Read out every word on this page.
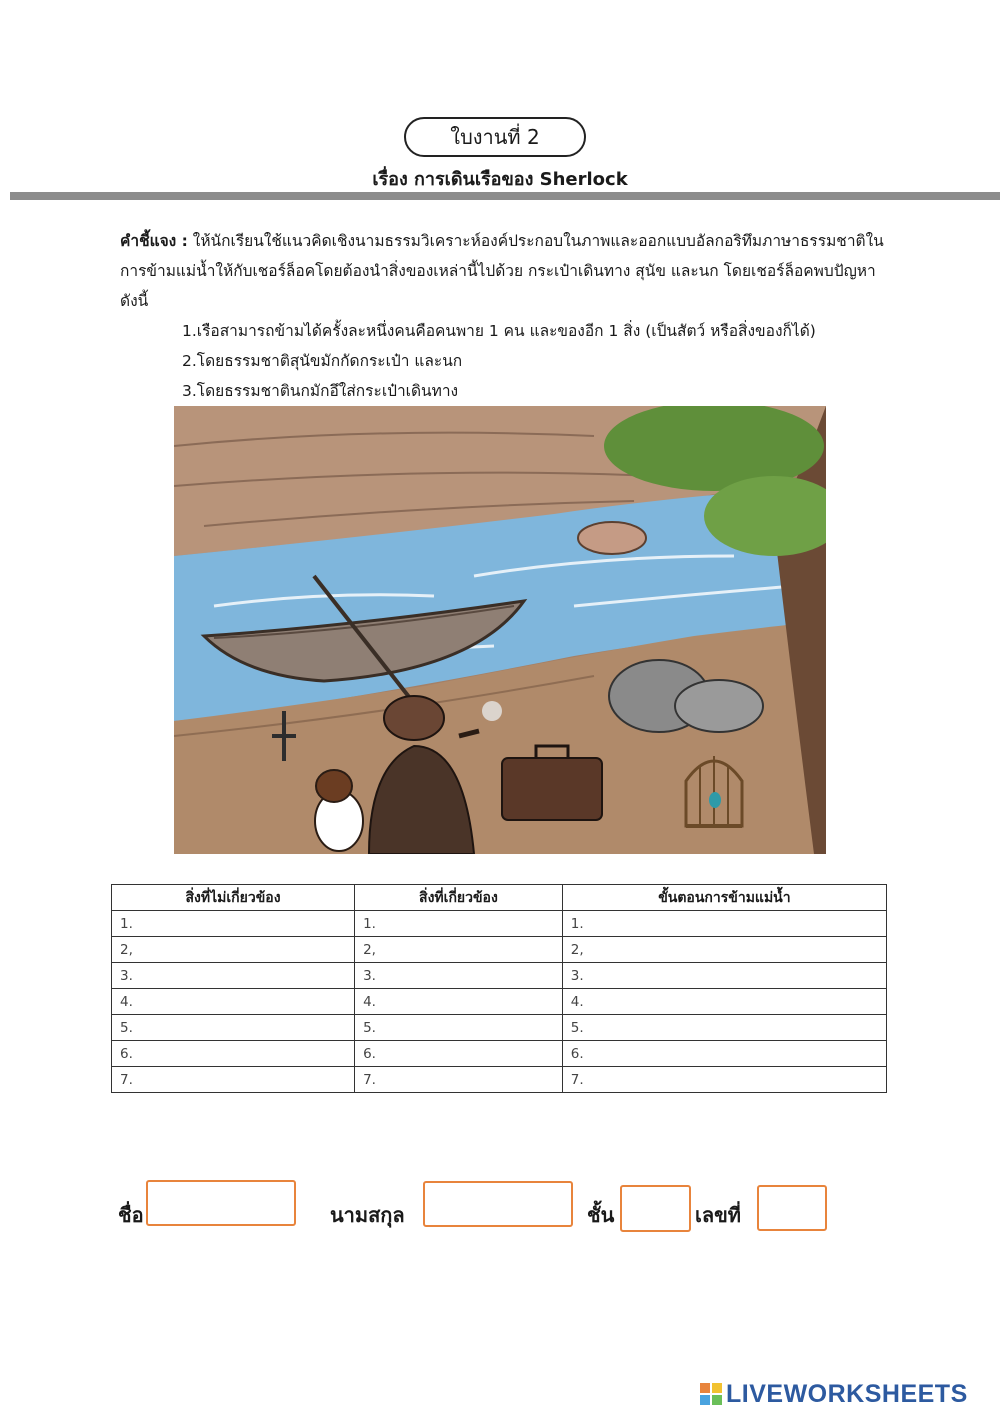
ใบงานที่ 2
เรื่อง การเดินเรือของ Sherlock
คำชี้แจง : ให้นักเรียนใช้แนวคิดเชิงนามธรรมวิเคราะห์องค์ประกอบในภาพและออกแบบอัลกอริทึมภาษาธรรมชาติในการข้ามแม่น้ำให้กับเชอร์ล็อคโดยต้องนำสิ่งของเหล่านี้ไปด้วย กระเป๋าเดินทาง สุนัข และนก โดยเชอร์ล็อคพบปัญหา ดังนี้
1.เรือสามารถข้ามได้ครั้งละหนึ่งคนคือคนพาย 1 คน และของอีก 1 สิ่ง (เป็นสัตว์ หรือสิ่งของก็ได้)
2.โดยธรรมชาติสุนัขมักกัดกระเป๋า และนก
3.โดยธรรมชาตินกมักอึใส่กระเป๋าเดินทาง
สิ่งที่ไม่เกี่ยวข้อง	สิ่งที่เกี่ยวข้อง	ขั้นตอนการข้ามแม่น้ำ
1.	1.	1.
2,	2,	2,
3.	3.	3.
4.	4.	4.
5.	5.	5.
6.	6.	6.
7.	7.	7.
ชื่อ	นามสกุล	ชั้น	เลขที่
LIVEWORKSHEETS
